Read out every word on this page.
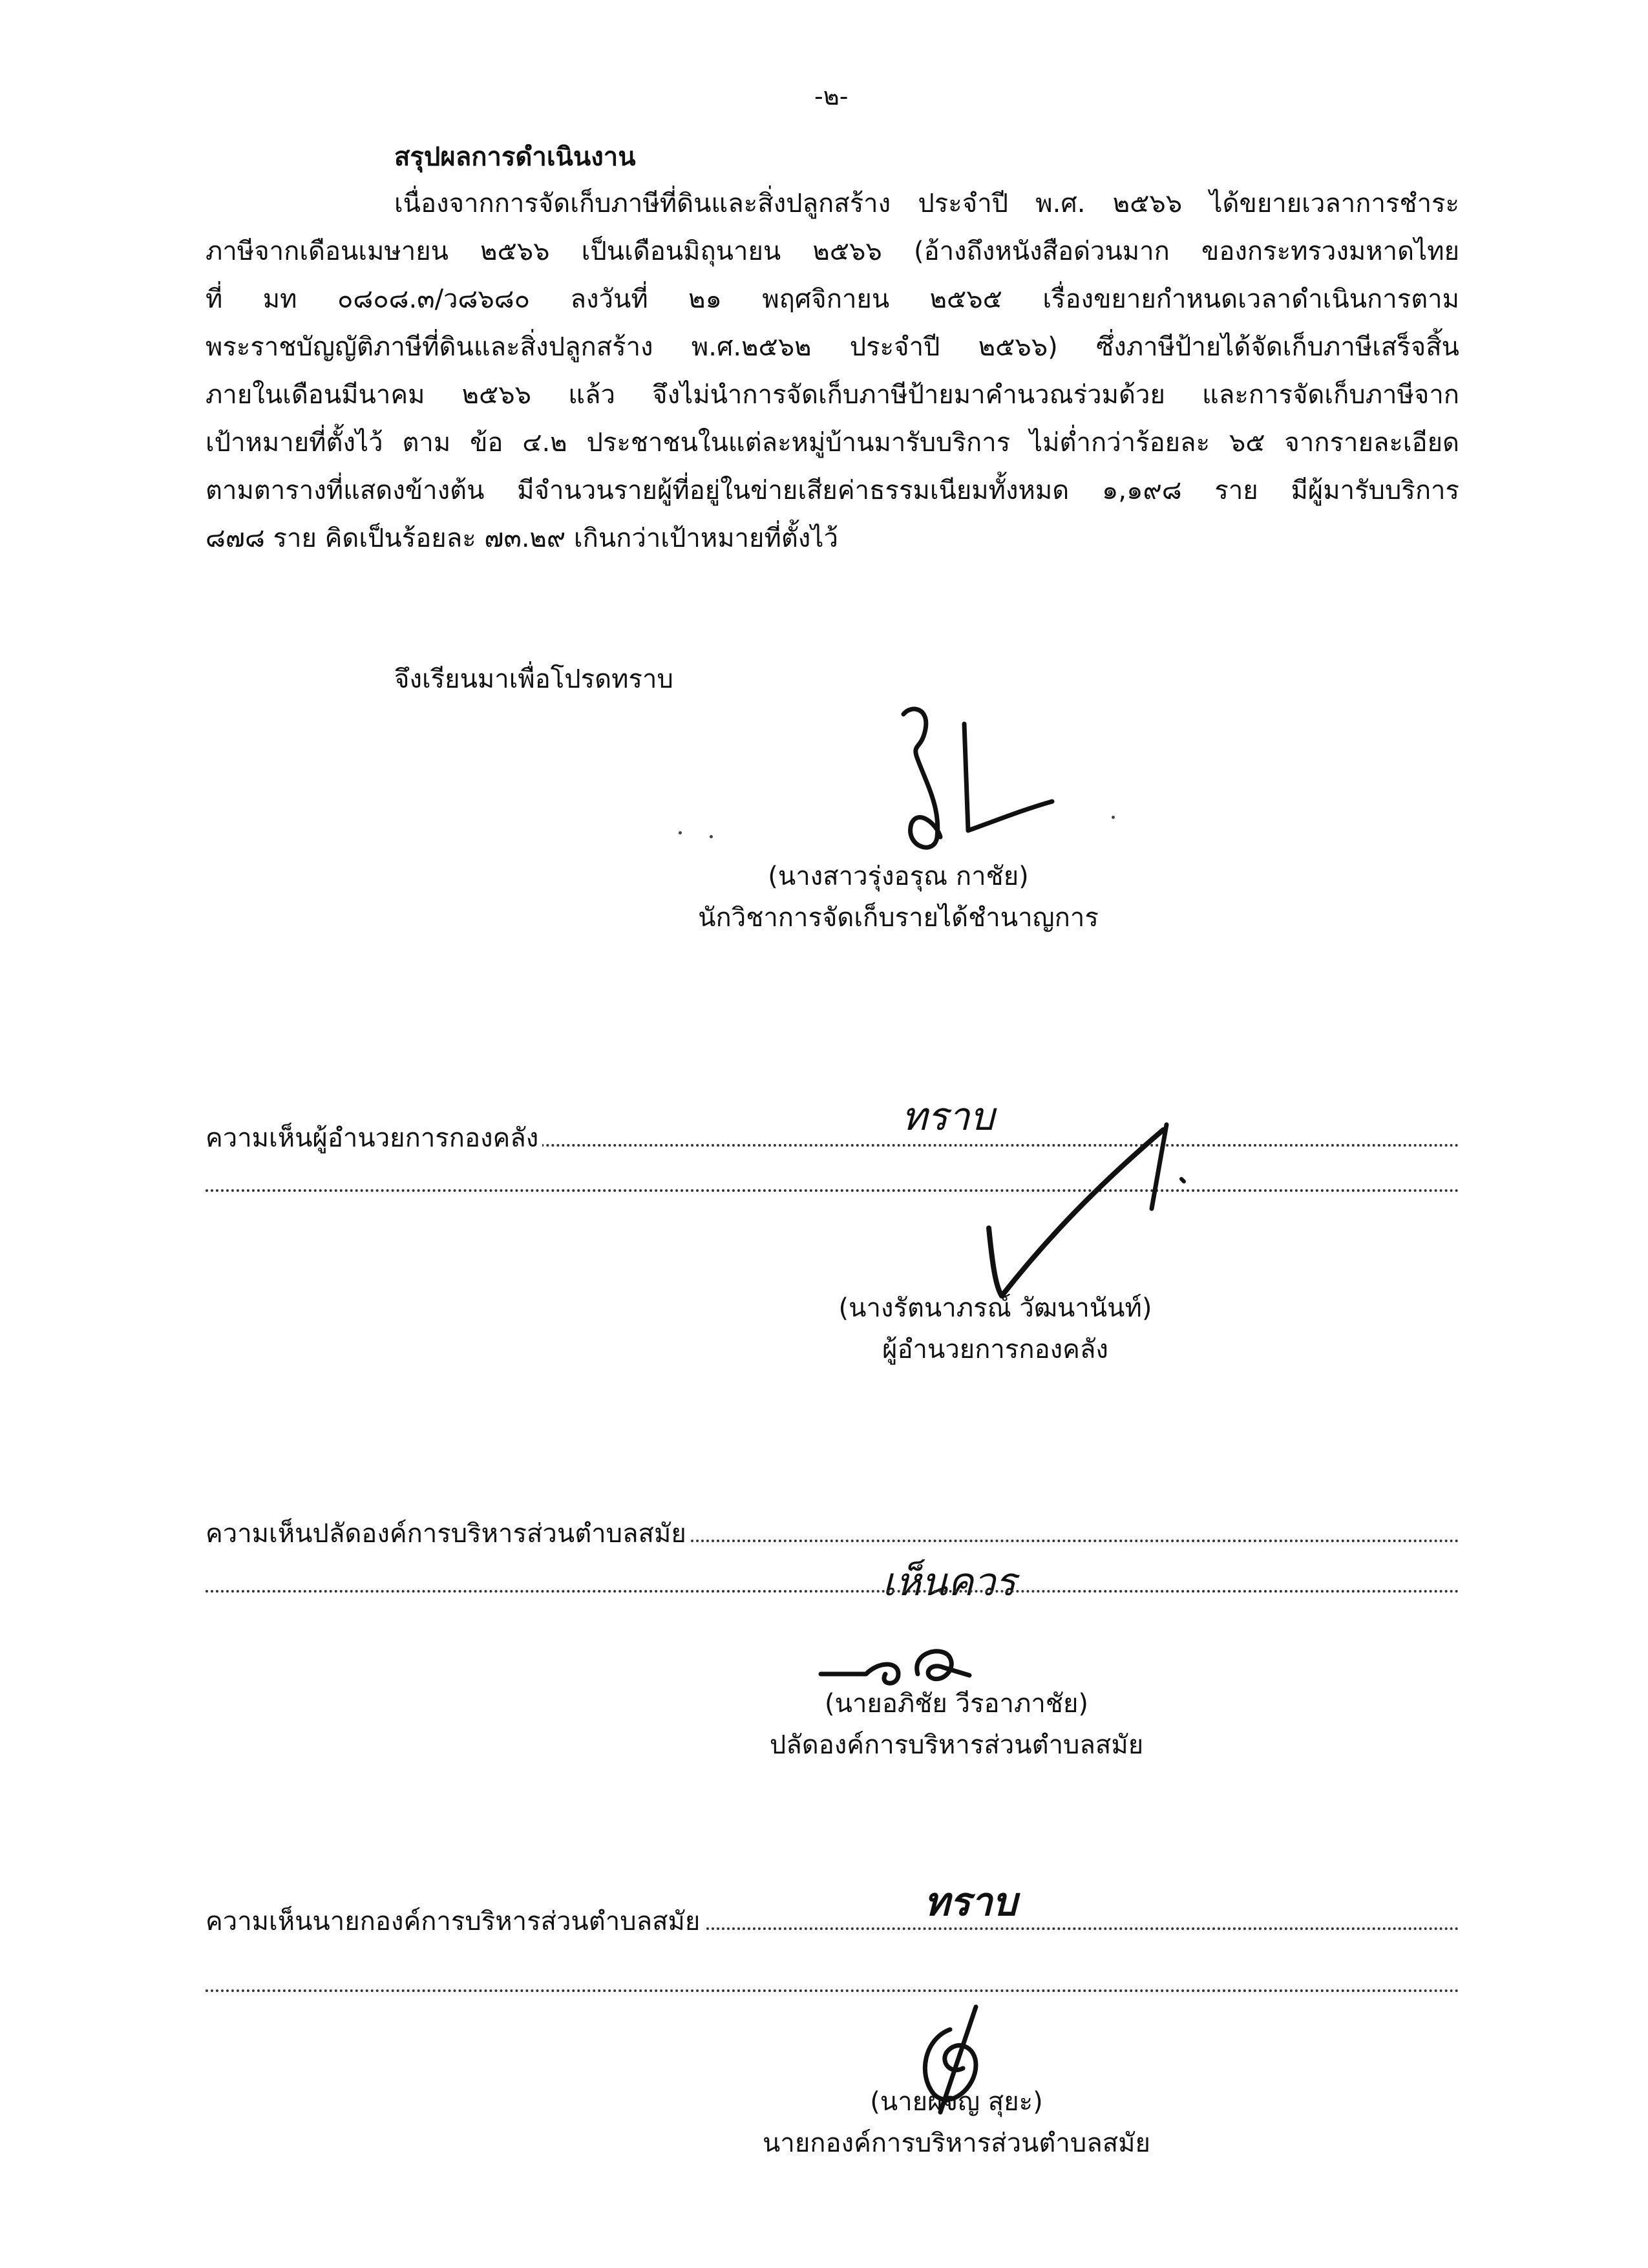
-๒-
สรุปผลการดำเนินงาน

เนื่องจากการจัดเก็บภาษีที่ดินและสิ่งปลูกสร้าง ประจำปี พ.ศ. ๒๕๖๖ ได้ขยายเวลาการชำระ
ภาษีจากเดือนเมษายน ๒๕๖๖ เป็นเดือนมิถุนายน ๒๕๖๖ (อ้างถึงหนังสือด่วนมาก ของกระทรวงมหาดไทย
ที่ มท ๐๘๐๘.๓/ว๘๖๘๐ ลงวันที่ ๒๑ พฤศจิกายน ๒๕๖๕ เรื่องขยายกำหนดเวลาดำเนินการตาม
พระราชบัญญัติภาษีที่ดินและสิ่งปลูกสร้าง พ.ศ.๒๕๖๒ ประจำปี ๒๕๖๖) ซึ่งภาษีป้ายได้จัดเก็บภาษีเสร็จสิ้น
ภายในเดือนมีนาคม ๒๕๖๖ แล้ว จึงไม่นำการจัดเก็บภาษีป้ายมาคำนวณร่วมด้วย และการจัดเก็บภาษีจาก
เป้าหมายที่ตั้งไว้ ตาม ข้อ ๔.๒ ประชาชนในแต่ละหมู่บ้านมารับบริการ ไม่ต่ำกว่าร้อยละ ๖๕ จากรายละเอียด
ตามตารางที่แสดงข้างต้น มีจำนวนรายผู้ที่อยู่ในข่ายเสียค่าธรรมเนียมทั้งหมด ๑,๑๙๘ ราย มีผู้มารับบริการ
๘๗๘ ราย คิดเป็นร้อยละ ๗๓.๒๙ เกินกว่าเป้าหมายที่ตั้งไว้

จึงเรียนมาเพื่อโปรดทราบ
(นางสาวรุ่งอรุณ กาชัย)
นักวิชาการจัดเก็บรายได้ชำนาญการ
ความเห็นผู้อำนวยการกองคลัง	ทราบ
(นางรัตนาภรณ์ วัฒนานันท์)
ผู้อำนวยการกองคลัง
ความเห็นปลัดองค์การบริหารส่วนตำบลสมัย
เห็นควร
(นายอภิชัย วีรอาภาชัย)
ปลัดองค์การบริหารส่วนตำบลสมัย
ความเห็นนายกองค์การบริหารส่วนตำบลสมัย	ทราบ
(นายผจญ สุยะ)
นายกองค์การบริหารส่วนตำบลสมัย
